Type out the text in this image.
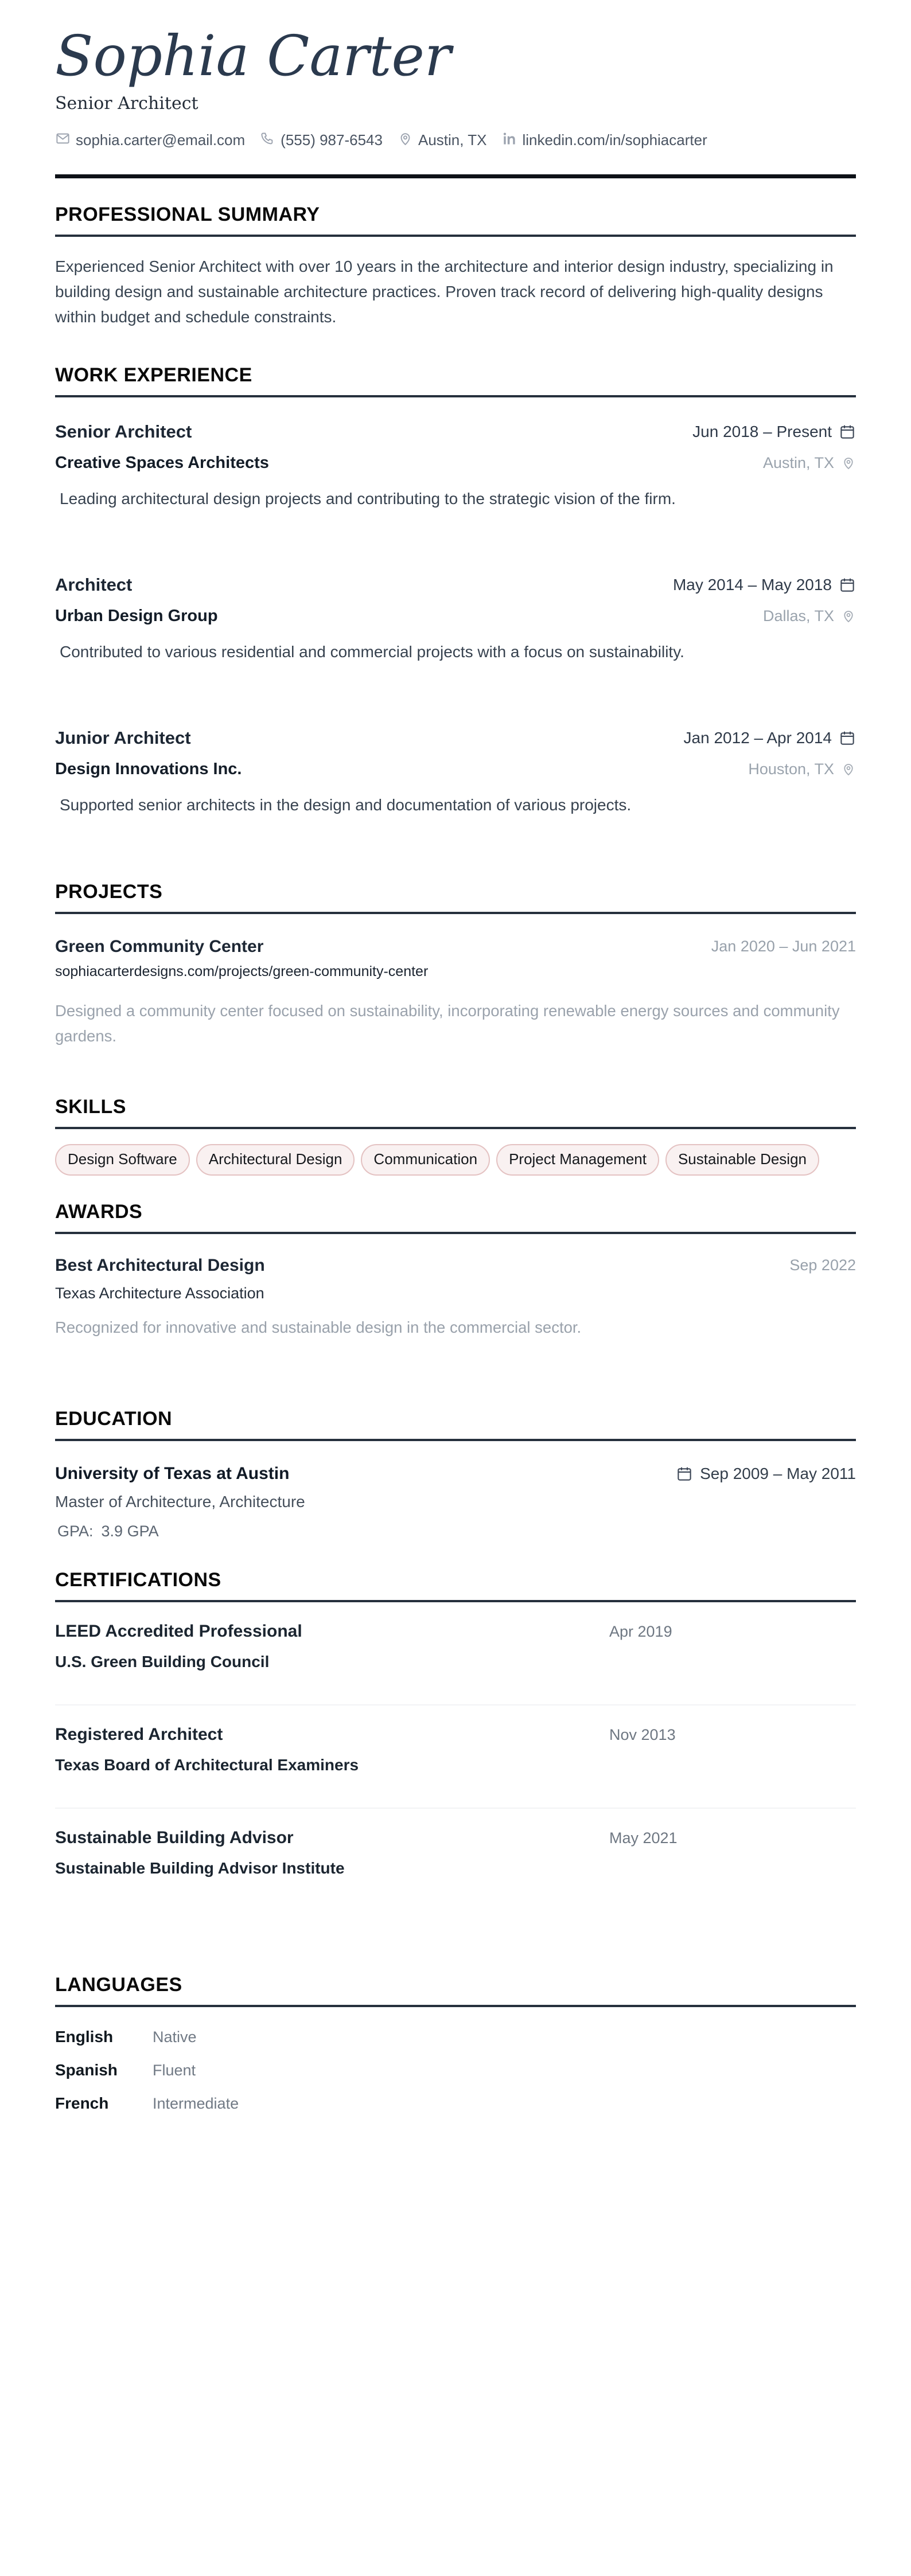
Sophia Carter
Senior Architect
sophia.carter@email.com (555) 987-6543 Austin, TX linkedin.com/in/sophiacarter
PROFESSIONAL SUMMARY

Experienced Senior Architect with over 10 years in the architecture and interior design industry, specializing in building design and sustainable architecture practices. Proven track record of delivering high-quality designs within budget and schedule constraints.

WORK EXPERIENCE
Senior Architect	Jun 2018 – Present
Creative Spaces Architects	Austin, TX
Leading architectural design projects and contributing to the strategic vision of the firm.
Architect	May 2014 – May 2018
Urban Design Group	Dallas, TX
Contributed to various residential and commercial projects with a focus on sustainability.
Junior Architect	Jan 2012 – Apr 2014
Design Innovations Inc.	Houston, TX
Supported senior architects in the design and documentation of various projects.
PROJECTS
Green Community Center	Jan 2020 – Jun 2021
sophiacarterdesigns.com/projects/green-community-center
Designed a community center focused on sustainability, incorporating renewable energy sources and community gardens.
SKILLS
Design Software	Architectural Design	Communication	Project Management	Sustainable Design
AWARDS
Best Architectural Design	Sep 2022
Texas Architecture Association
Recognized for innovative and sustainable design in the commercial sector.
EDUCATION
University of Texas at Austin	Sep 2009 – May 2011
Master of Architecture, Architecture
GPA: 3.9 GPA
CERTIFICATIONS
LEED Accredited Professional
U.S. Green Building Council
Apr 2019
Registered Architect
Texas Board of Architectural Examiners
Nov 2013
Sustainable Building Advisor
Sustainable Building Advisor Institute
May 2021
LANGUAGES
English	Native
Spanish	Fluent
French	Intermediate
